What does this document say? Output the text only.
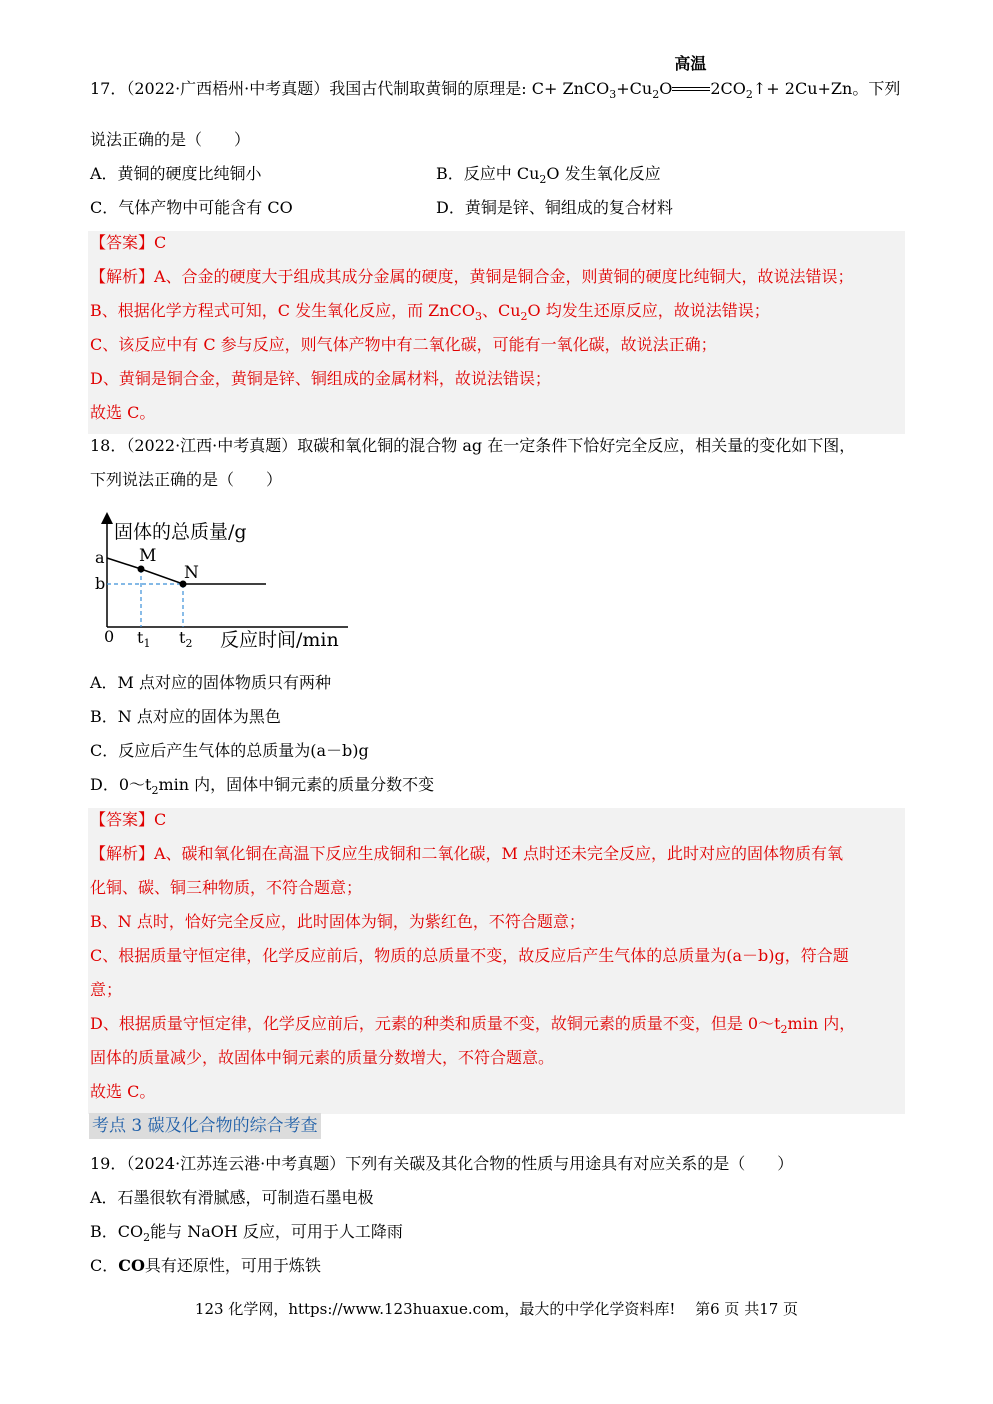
17．（2022·广西梧州·中考真题）我国古代制取黄铜的原理是: $C+ ZnCO_3+Cu_2O$
高温
$2CO_2↑+ 2Cu+Zn$。下列
说法正确的是（　　）
A．黄铜的硬度比纯铜小	B．反应中 $Cu_2O$ 发生氧化反应
C．气体产物中可能含有 CO	D．黄铜是锌、铜组成的复合材料
【答案】C
【解析】A、合金的硬度大于组成其成分金属的硬度，黄铜是铜合金，则黄铜的硬度比纯铜大，故说法错误；
B、根据化学方程式可知，C 发生氧化反应，而 ZnCO$_3$、$Cu_2O$ 均发生还原反应，故说法错误；
C、该反应中有 C 参与反应，则气体产物中有二氧化碳，可能有一氧化碳，故说法正确；
D、黄铜是铜合金，黄铜是锌、铜组成的金属材料，故说法错误；
故选 C。
18．（2022·江西·中考真题）取碳和氧化铜的混合物 ag 在一定条件下恰好完全反应，相关量的变化如下图，
下列说法正确的是（　　）
固体的总质量/g
反应时间/min
0
a
b
$t_1$ $t_2$
M
N
A．M 点对应的固体物质只有两种
B．N 点对应的固体为黑色
C．反应后产生气体的总质量为(a－b)g
D．$0\sim t_2\min$ 内，固体中铜元素的质量分数不变
【答案】C
【解析】A、碳和氧化铜在高温下反应生成铜和二氧化碳，M 点时还未完全反应，此时对应的固体物质有氧
化铜、碳、铜三种物质，不符合题意；
B、N 点时，恰好完全反应，此时固体为铜，为紫红色，不符合题意；
C、根据质量守恒定律，化学反应前后，物质的总质量不变，故反应后产生气体的总质量为(a－b)g，符合题
意；
D、根据质量守恒定律，化学反应前后，元素的种类和质量不变，故铜元素的质量不变，但是 $0\sim t_2\min$ 内，
固体的质量减少，故固体中铜元素的质量分数增大，不符合题意。
故选 C。
考点 3 碳及化合物的综合考查
19．（2024·江苏连云港·中考真题）下列有关碳及其化合物的性质与用途具有对应关系的是（　　）
A．石墨很软有滑腻感，可制造石墨电极
B．$CO_2$能与 NaOH 反应，可用于人工降雨
C．CO具有还原性，可用于炼铁
123 化学网，https://www.123huaxue.com，最大的中学化学资料库!　 第6 页 共17 页
